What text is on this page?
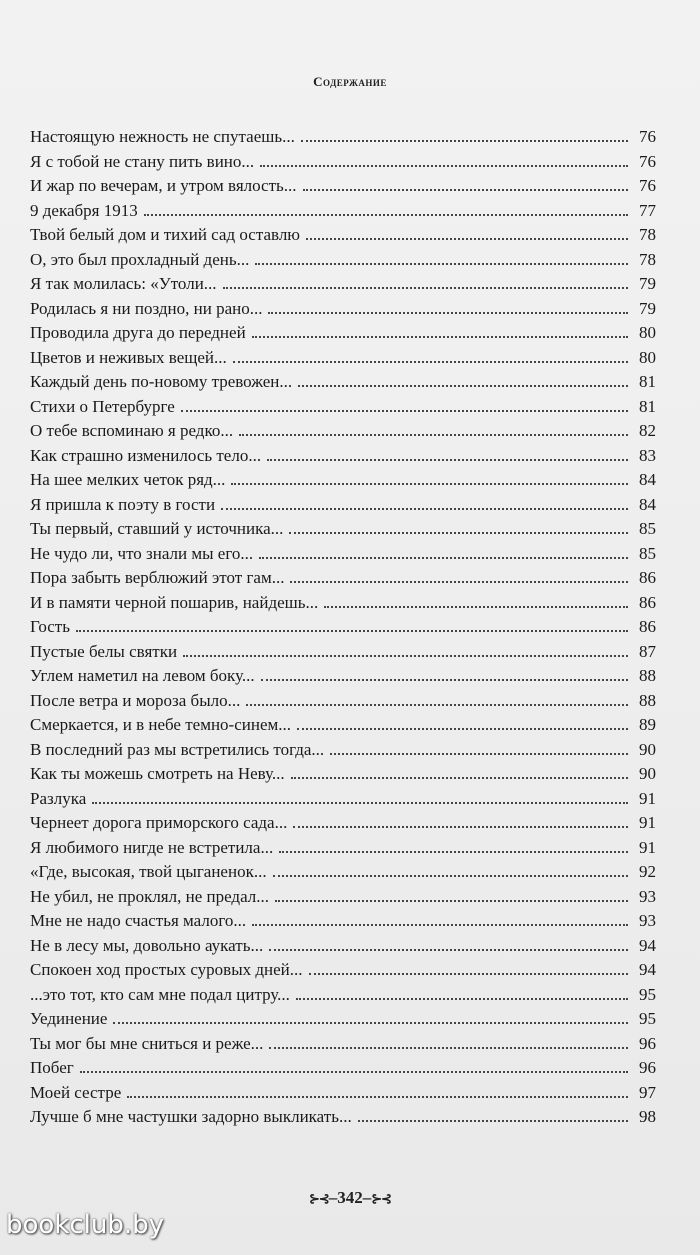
Содержание
Настоящую нежность не спутаешь...	76
Я с тобой не стану пить вино...	76
И жар по вечерам, и утром вялость...	76
9 декабря 1913	77
Твой белый дом и тихий сад оставлю	78
О, это был прохладный день...	78
Я так молилась: «Утоли...	79
Родилась я ни поздно, ни рано...	79
Проводила друга до передней	80
Цветов и неживых вещей...	80
Каждый день по-новому тревожен...	81
Стихи о Петербурге	81
О тебе вспоминаю я редко...	82
Как страшно изменилось тело...	83
На шее мелких четок ряд...	84
Я пришла к поэту в гости	84
Ты первый, ставший у источника...	85
Не чудо ли, что знали мы его...	85
Пора забыть верблюжий этот гам...	86
И в памяти черной пошарив, найдешь...	86
Гость	86
Пустые белы святки	87
Углем наметил на левом боку...	88
После ветра и мороза было...	88
Смеркается, и в небе темно-синем...	89
В последний раз мы встретились тогда...	90
Как ты можешь смотреть на Неву...	90
Разлука	91
Чернеет дорога приморского сада...	91
Я любимого нигде не встретила...	91
«Где, высокая, твой цыганенок...	92
Не убил, не проклял, не предал...	93
Мне не надо счастья малого...	93
Не в лесу мы, довольно аукать...	94
Спокоен ход простых суровых дней...	94
...это тот, кто сам мне подал цитру...	95
Уединение	95
Ты мог бы мне сниться и реже...	96
Побег	96
Моей сестре	97
Лучше б мне частушки задорно выкликать...	98
⊱⊰–342–⊱⊰
bookclub.by
